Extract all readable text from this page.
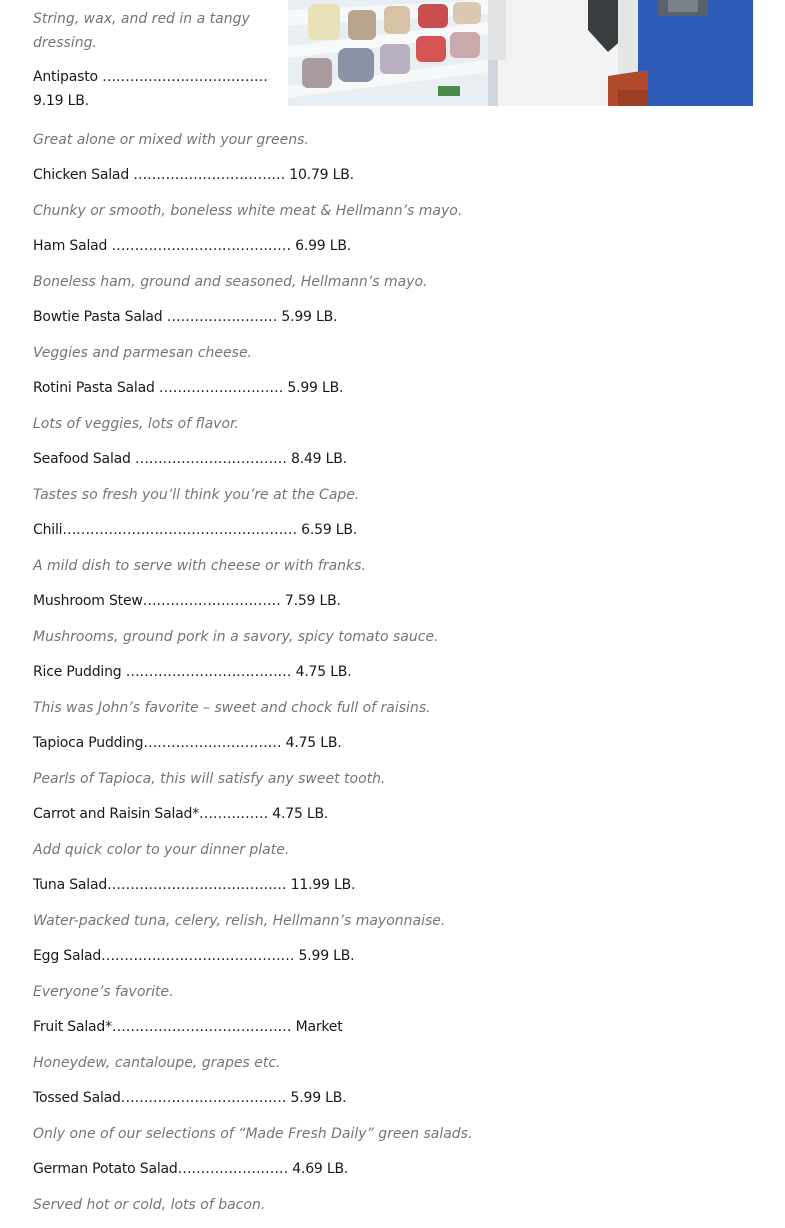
String, wax, and red in a tangy dressing.

Antipasto ……………………………… 9.19 LB.

Great alone or mixed with your greens.

Chicken Salad …………………………… 10.79 LB.

Chunky or smooth, boneless white meat & Hellmann’s mayo.

Ham Salad ………………………………… 6.99 LB.

Boneless ham, ground and seasoned, Hellmann’s mayo.

Bowtie Pasta Salad …………………… 5.99 LB.

Veggies and parmesan cheese.

Rotini Pasta Salad ……………………… 5.99 LB.

Lots of veggies, lots of flavor.

Seafood Salad …………………………… 8.49 LB.

Tastes so fresh you’ll think you’re at the Cape.

Chili…………………………………………… 6.59 LB.

A mild dish to serve with cheese or with franks.

Mushroom Stew………………………… 7.59 LB.

Mushrooms, ground pork in a savory, spicy tomato sauce.

Rice Pudding ……………………………… 4.75 LB.

This was John’s favorite – sweet and chock full of raisins.

Tapioca Pudding………………………… 4.75 LB.

Pearls of Tapioca, this will satisfy any sweet tooth.

Carrot and Raisin Salad*…………… 4.75 LB.

Add quick color to your dinner plate.

Tuna Salad………………………………… 11.99 LB.

Water-packed tuna, celery, relish, Hellmann’s mayonnaise.

Egg Salad…………………………………… 5.99 LB.

Everyone’s favorite.

Fruit Salad*………………………………… Market

Honeydew, cantaloupe, grapes etc.

Tossed Salad……………………………… 5.99 LB.

Only one of our selections of “Made Fresh Daily” green salads.

German Potato Salad…………………… 4.69 LB.

Served hot or cold, lots of bacon.
